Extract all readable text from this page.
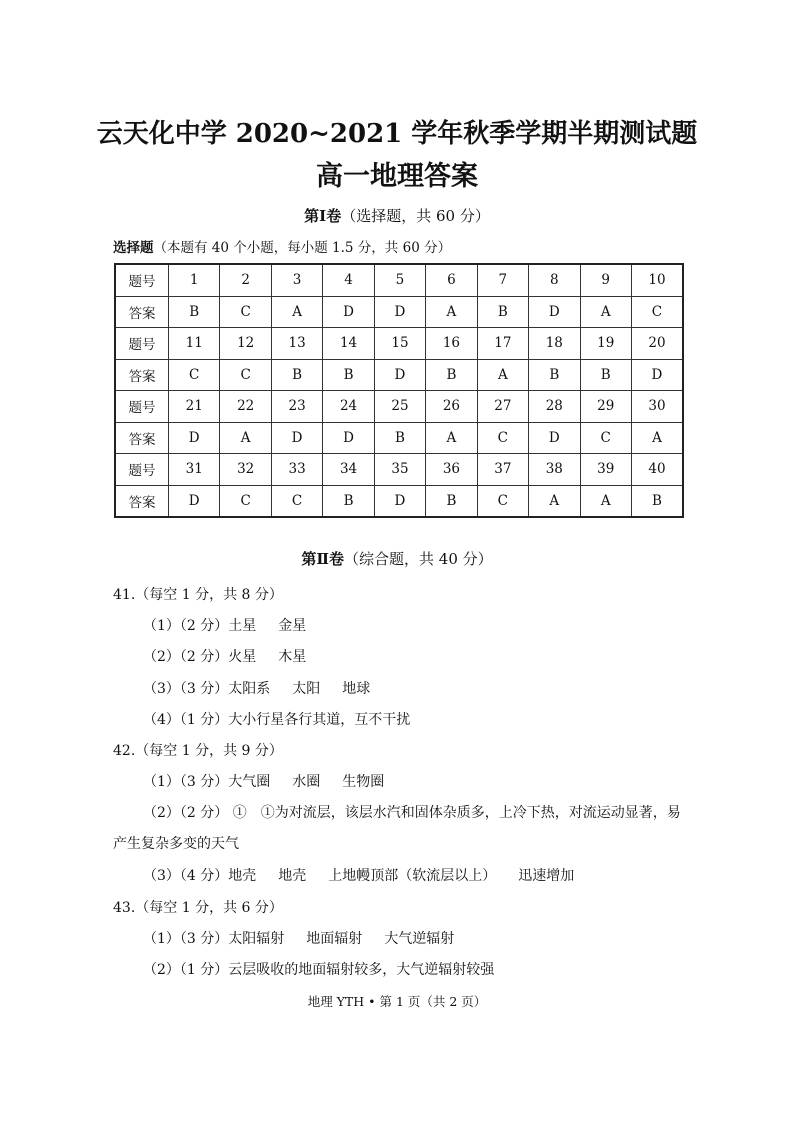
云天化中学 2020~2021 学年秋季学期半期测试题
高一地理答案
第Ⅰ卷（选择题，共 60 分）
选择题（本题有 40 个小题，每小题 1.5 分，共 60 分）
题号	1	2	3	4	5	6	7	8	9	10
答案	B	C	A	D	D	A	B	D	A	C
题号	11	12	13	14	15	16	17	18	19	20
答案	C	C	B	B	D	B	A	B	B	D
题号	21	22	23	24	25	26	27	28	29	30
答案	D	A	D	D	B	A	C	D	C	A
题号	31	32	33	34	35	36	37	38	39	40
答案	D	C	C	B	D	B	C	A	A	B
第Ⅱ卷（综合题，共 40 分）
41.（每空 1 分，共 8 分）
（1）（2 分）土星 金星
（2）（2 分）火星 木星
（3）（3 分）太阳系 太阳 地球
（4）（1 分）大小行星各行其道，互不干扰
42.（每空 1 分，共 9 分）
（1）（3 分）大气圈 水圈 生物圈
（2）（2 分） ①　①为对流层，该层水汽和固体杂质多，上冷下热，对流运动显著，易
产生复杂多变的天气
（3）（4 分）地壳 地壳 上地幔顶部（软流层以上） 迅速增加
43.（每空 1 分，共 6 分）
（1）（3 分）太阳辐射 地面辐射 大气逆辐射
（2）（1 分）云层吸收的地面辐射较多，大气逆辐射较强
地理 YTH • 第 1 页（共 2 页）
